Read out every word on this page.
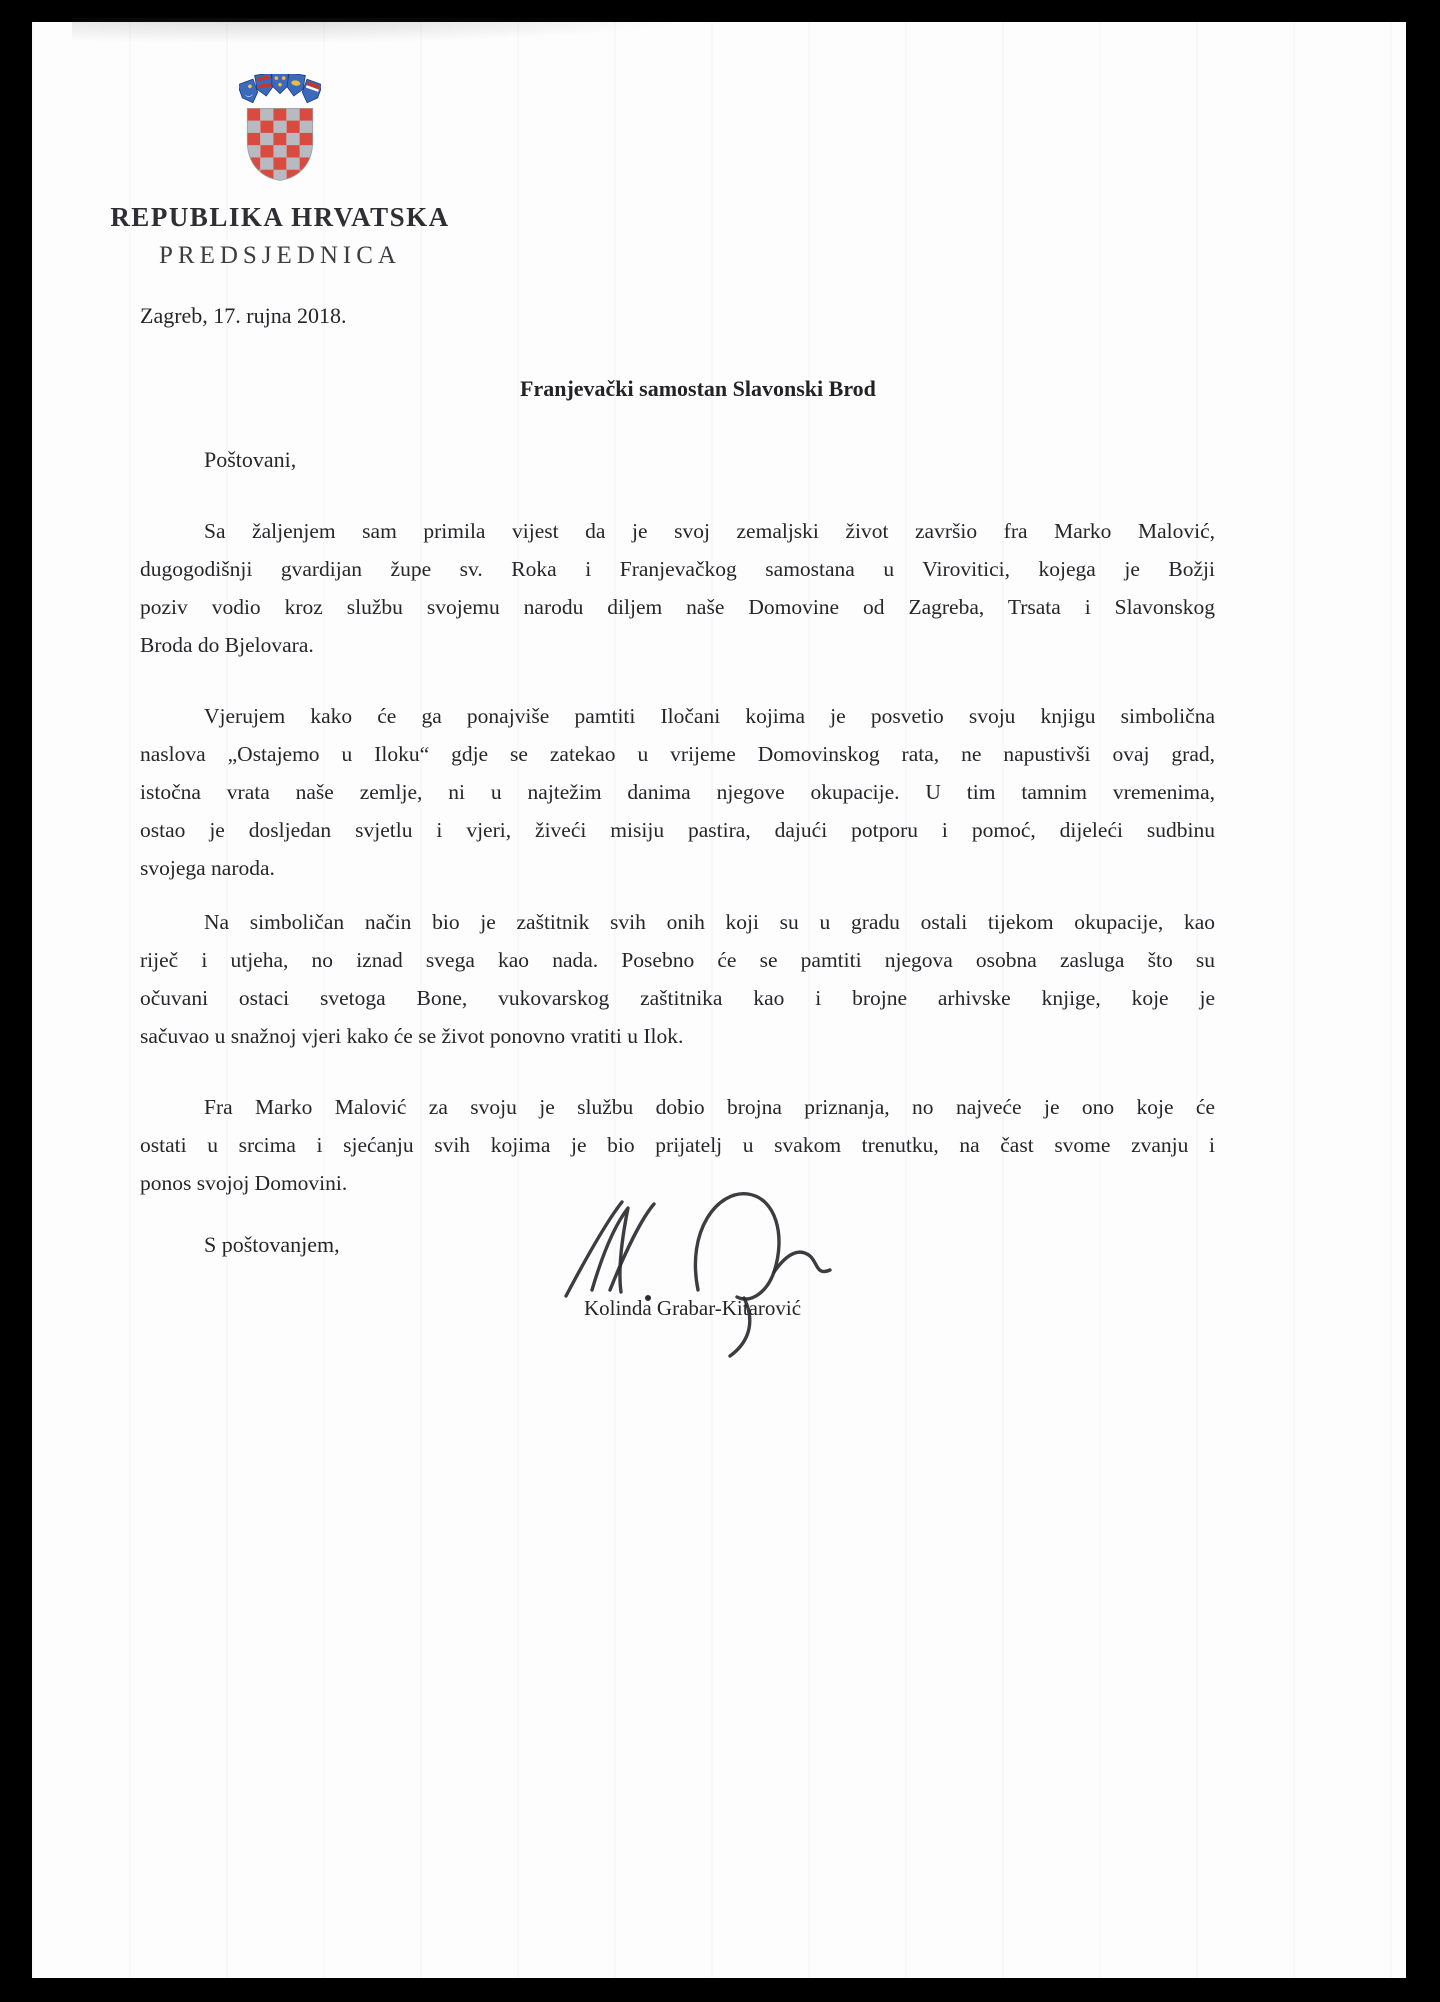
REPUBLIKA HRVATSKA
PREDSJEDNICA
Zagreb, 17. rujna 2018.
Franjevački samostan Slavonski Brod
Poštovani,
Sa žaljenjem sam primila vijest da je svoj zemaljski život završio fra Marko Malović,
dugogodišnji gvardijan župe sv. Roka i Franjevačkog samostana u Virovitici, kojega je Božji
poziv vodio kroz službu svojemu narodu diljem naše Domovine od Zagreba, Trsata i Slavonskog
Broda do Bjelovara.
Vjerujem kako će ga ponajviše pamtiti Iločani kojima je posvetio svoju knjigu simbolična
naslova „Ostajemo u Iloku“ gdje se zatekao u vrijeme Domovinskog rata, ne napustivši ovaj grad,
istočna vrata naše zemlje, ni u najtežim danima njegove okupacije. U tim tamnim vremenima,
ostao je dosljedan svjetlu i vjeri, živeći misiju pastira, dajući potporu i pomoć, dijeleći sudbinu
svojega naroda.
Na simboličan način bio je zaštitnik svih onih koji su u gradu ostali tijekom okupacije, kao
riječ i utjeha, no iznad svega kao nada. Posebno će se pamtiti njegova osobna zasluga što su
očuvani ostaci svetoga Bone, vukovarskog zaštitnika kao i brojne arhivske knjige, koje je
sačuvao u snažnoj vjeri kako će se život ponovno vratiti u Ilok.
Fra Marko Malović za svoju je službu dobio brojna priznanja, no najveće je ono koje će
ostati u srcima i sjećanju svih kojima je bio prijatelj u svakom trenutku, na čast svome zvanju i
ponos svojoj Domovini.
S poštovanjem,
Kolinda Grabar-Kitarović
